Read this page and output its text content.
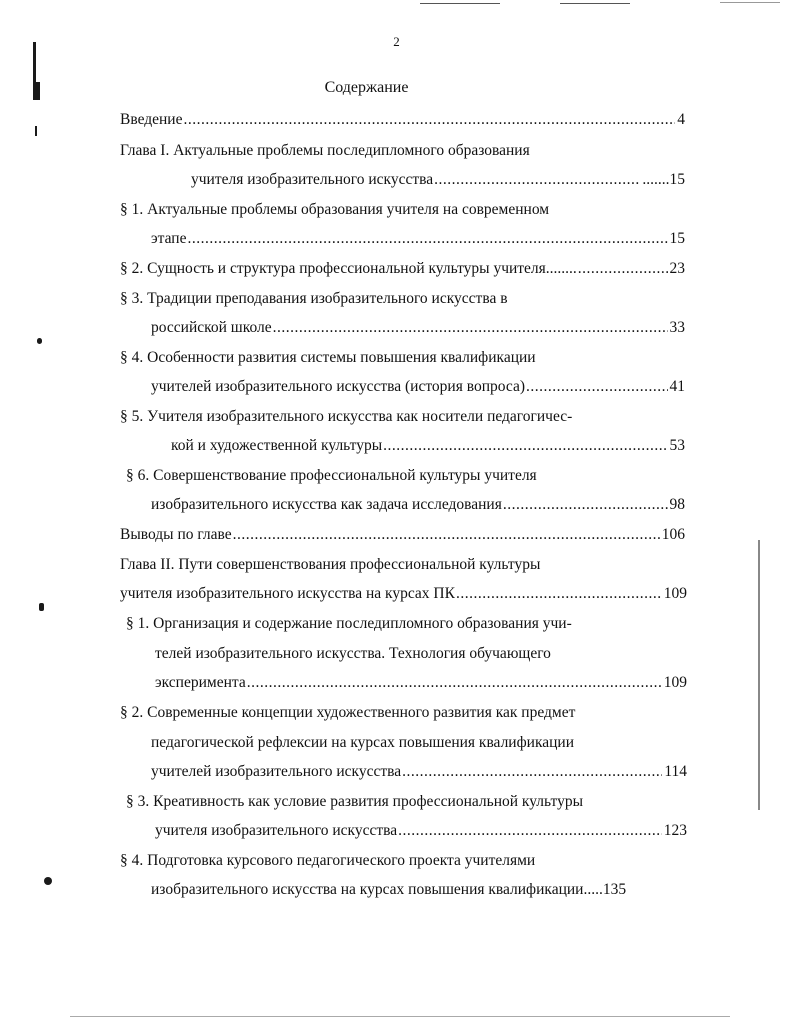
2
Содержание
Введение .....	4
Глава I. Актуальные проблемы последипломного образования
учителя изобразительного искусства .....	.......15
§ 1. Актуальные проблемы образования учителя на современном
этапе .....	15
§ 2. Сущность и структура профессиональной культуры учителя........ .....	23
§ 3. Традиции преподавания изобразительного искусства в
российской школе .....	33
§ 4. Особенности развития системы повышения квалификации
учителей изобразительного искусства (история вопроса) .....	41
§ 5. Учителя изобразительного искусства как носители педагогичес-
кой и художественной культуры .....	53
§ 6. Совершенствование профессиональной культуры учителя
изобразительного искусства как задача исследования .....	98
Выводы по главе .....	106
Глава II. Пути совершенствования профессиональной культуры
учителя изобразительного искусства на курсах ПК .....	109
§ 1. Организация и содержание последипломного образования учи-
телей изобразительного искусства. Технология обучающего
эксперимента .....	109
§ 2. Современные концепции художественного развития как предмет
педагогической рефлексии на курсах повышения квалификации
учителей изобразительного искусства .....	114
§ 3. Креативность как условие развития профессиональной культуры
учителя изобразительного искусства .....	123
§ 4. Подготовка курсового педагогического проекта учителями
изобразительного искусства на курсах повышения квалификации.....135
